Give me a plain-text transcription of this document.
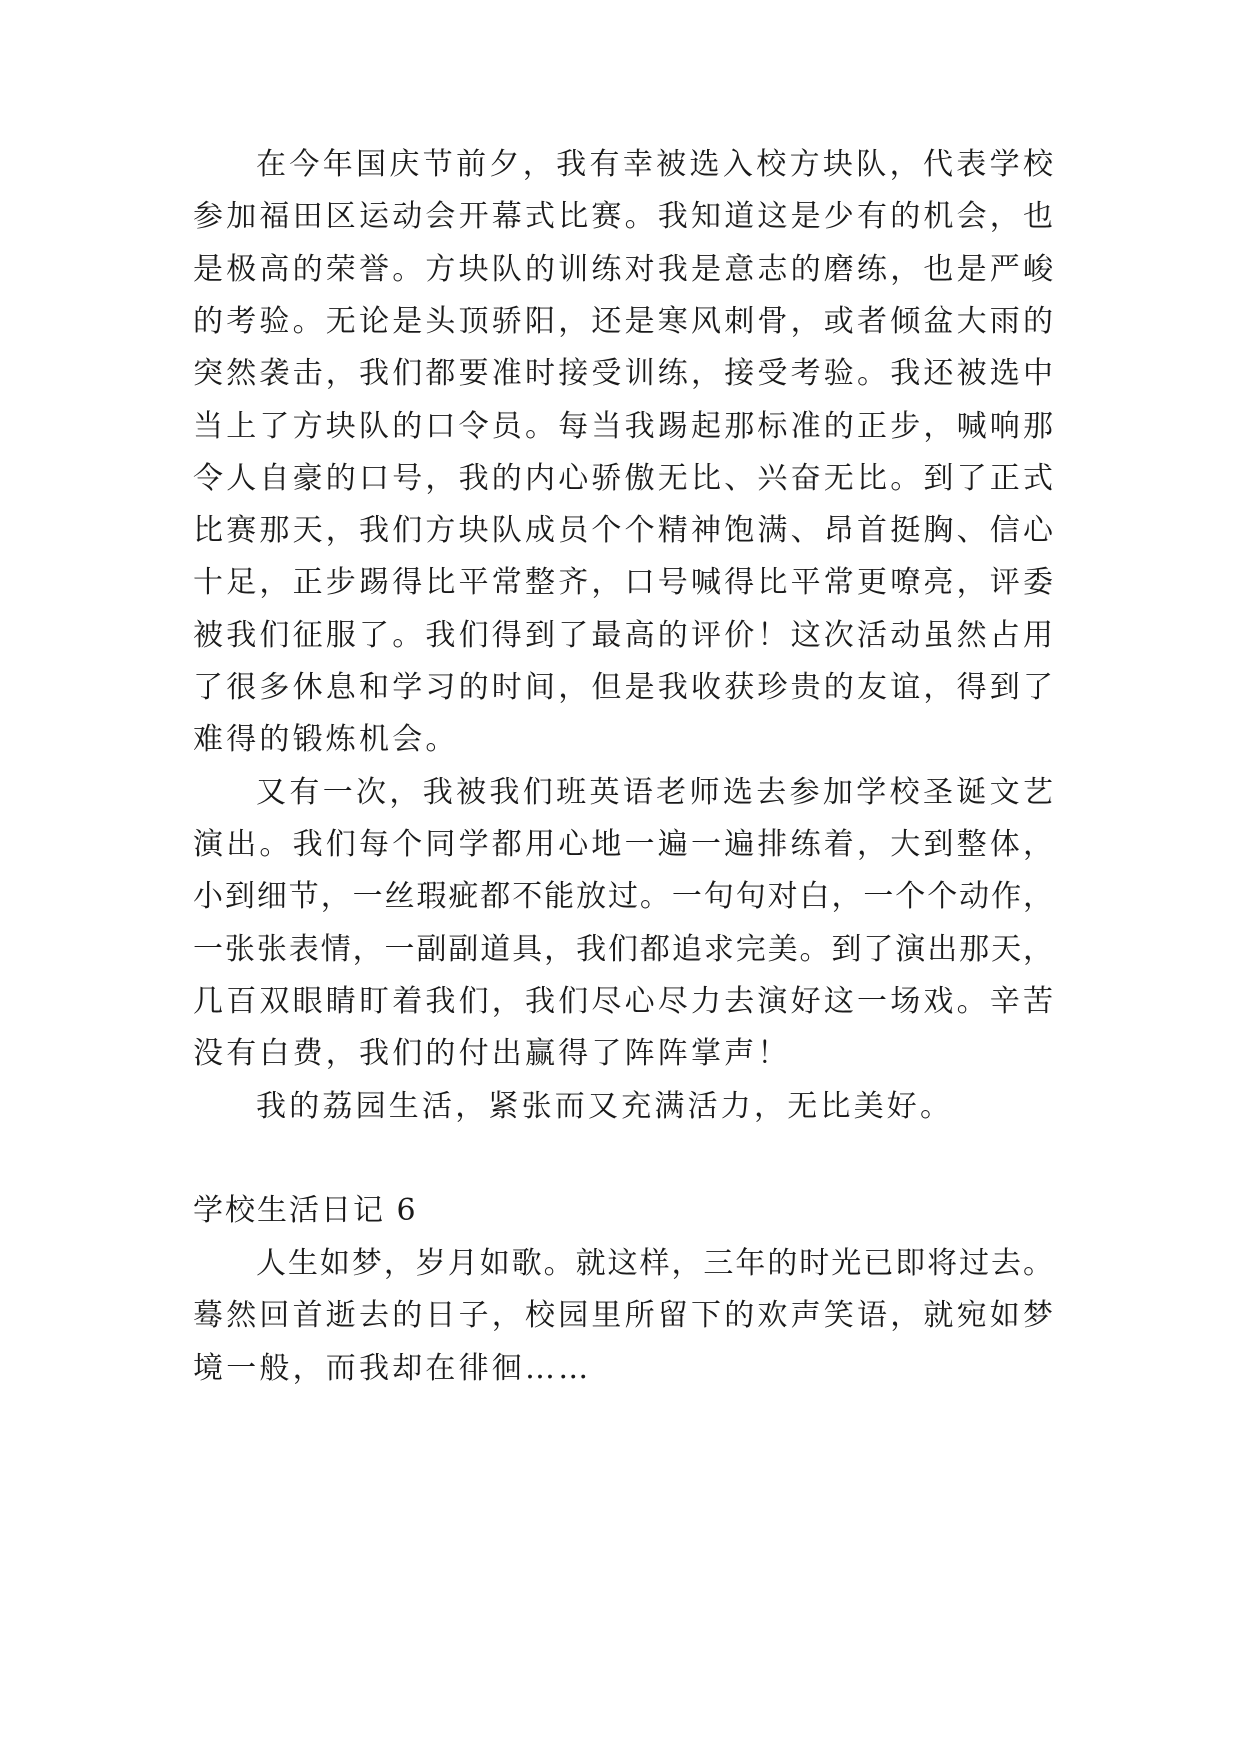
在今年国庆节前夕，我有幸被选入校方块队，代表学校
参加福田区运动会开幕式比赛。我知道这是少有的机会，也
是极高的荣誉。方块队的训练对我是意志的磨练，也是严峻
的考验。无论是头顶骄阳，还是寒风刺骨，或者倾盆大雨的
突然袭击，我们都要准时接受训练，接受考验。我还被选中
当上了方块队的口令员。每当我踢起那标准的正步，喊响那
令人自豪的口号，我的内心骄傲无比、兴奋无比。到了正式
比赛那天，我们方块队成员个个精神饱满、昂首挺胸、信心
十足，正步踢得比平常整齐，口号喊得比平常更嘹亮，评委
被我们征服了。我们得到了最高的评价！这次活动虽然占用
了很多休息和学习的时间，但是我收获珍贵的友谊，得到了
难得的锻炼机会。
又有一次，我被我们班英语老师选去参加学校圣诞文艺
演出。我们每个同学都用心地一遍一遍排练着，大到整体，
小到细节，一丝瑕疵都不能放过。一句句对白，一个个动作，
一张张表情，一副副道具，我们都追求完美。到了演出那天，
几百双眼睛盯着我们，我们尽心尽力去演好这一场戏。辛苦
没有白费，我们的付出赢得了阵阵掌声！
我的荔园生活，紧张而又充满活力，无比美好。
学校生活日记 6
人生如梦，岁月如歌。就这样，三年的时光已即将过去。
蓦然回首逝去的日子，校园里所留下的欢声笑语，就宛如梦
境一般，而我却在徘徊……
